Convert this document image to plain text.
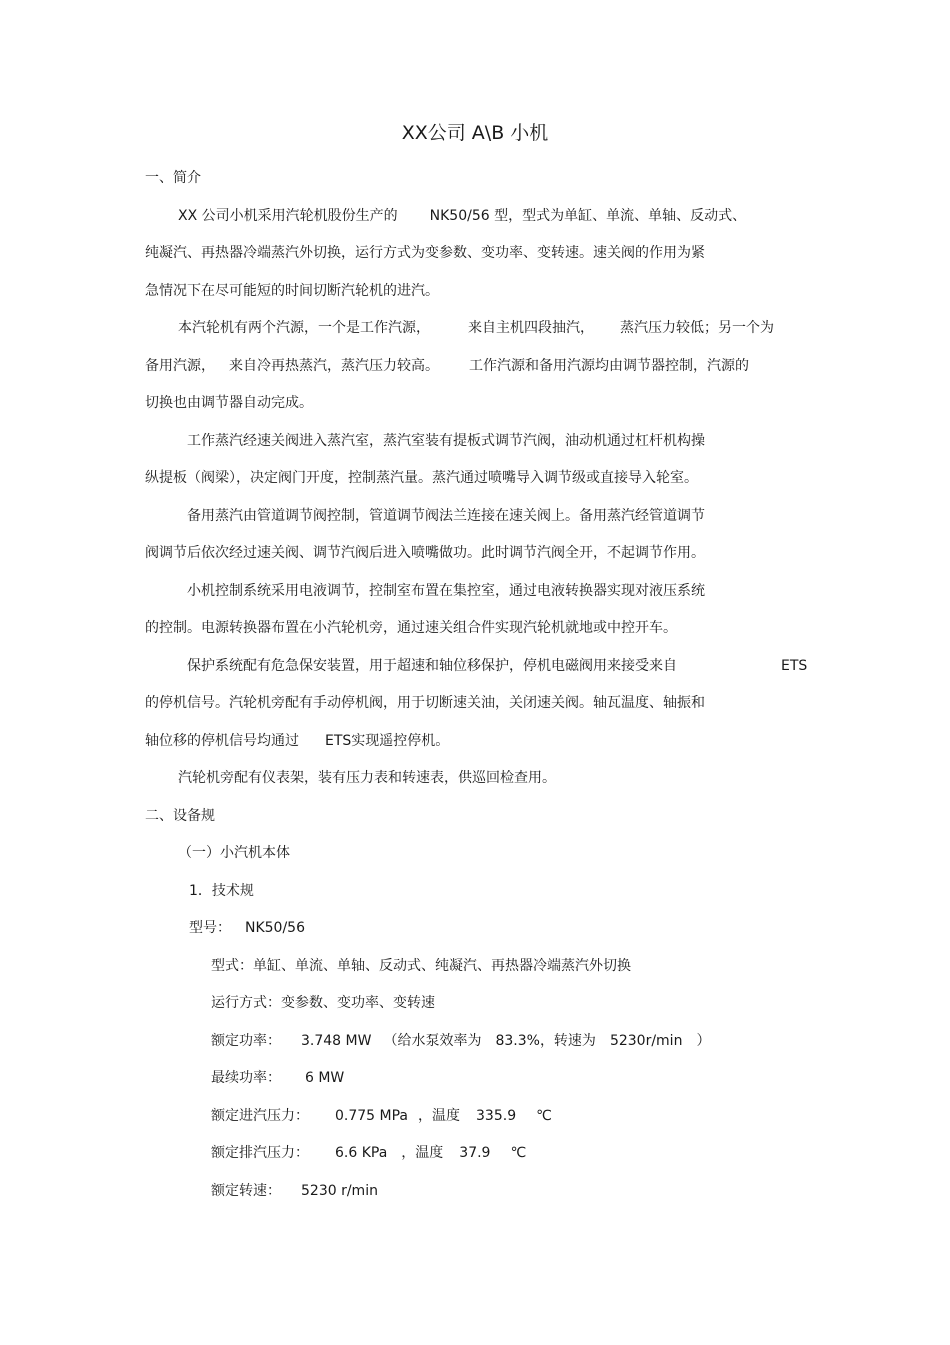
XX公司 A\B 小机
一、简介
XX 公司小机采用汽轮机股份生产的 NK50/56 型，型式为单缸、单流、单轴、反动式、
纯凝汽、再热器冷端蒸汽外切换，运行方式为变参数、变功率、变转速。速关阀的作用为紧
急情况下在尽可能短的时间切断汽轮机的进汽。
本汽轮机有两个汽源，一个是工作汽源，	来自主机四段抽汽， 蒸汽压力较低；另一个为
备用汽源， 来自冷再热蒸汽，蒸汽压力较高。 工作汽源和备用汽源均由调节器控制，汽源的
切换也由调节器自动完成。
工作蒸汽经速关阀进入蒸汽室，蒸汽室装有提板式调节汽阀，油动机通过杠杆机构操
纵提板（阀梁），决定阀门开度，控制蒸汽量。蒸汽通过喷嘴导入调节级或直接导入轮室。
备用蒸汽由管道调节阀控制，管道调节阀法兰连接在速关阀上。备用蒸汽经管道调节
阀调节后依次经过速关阀、调节汽阀后进入喷嘴做功。此时调节汽阀全开，不起调节作用。
小机控制系统采用电液调节，控制室布置在集控室，通过电液转换器实现对液压系统
的控制。电源转换器布置在小汽轮机旁，通过速关组合件实现汽轮机就地或中控开车。
保护系统配有危急保安装置，用于超速和轴位移保护，停机电磁阀用来接受来自	ETS
的停机信号。汽轮机旁配有手动停机阀，用于切断速关油，关闭速关阀。轴瓦温度、轴振和
轴位移的停机信号均通过 ETS实现遥控停机。
汽轮机旁配有仪表架，装有压力表和转速表，供巡回检查用。
二、设备规
（一）小汽机本体
1．技术规
型号： NK50/56
型式：单缸、单流、单轴、反动式、纯凝汽、再热器冷端蒸汽外切换
运行方式：变参数、变功率、变转速
额定功率： 3.748 MW （给水泵效率为 83.3%，转速为 5230r/min ）
最续功率： 6 MW
额定进汽压力： 0.775 MPa ，温度 335.9 ℃
额定排汽压力： 6.6 KPa ，温度 37.9 ℃
额定转速： 5230 r/min
